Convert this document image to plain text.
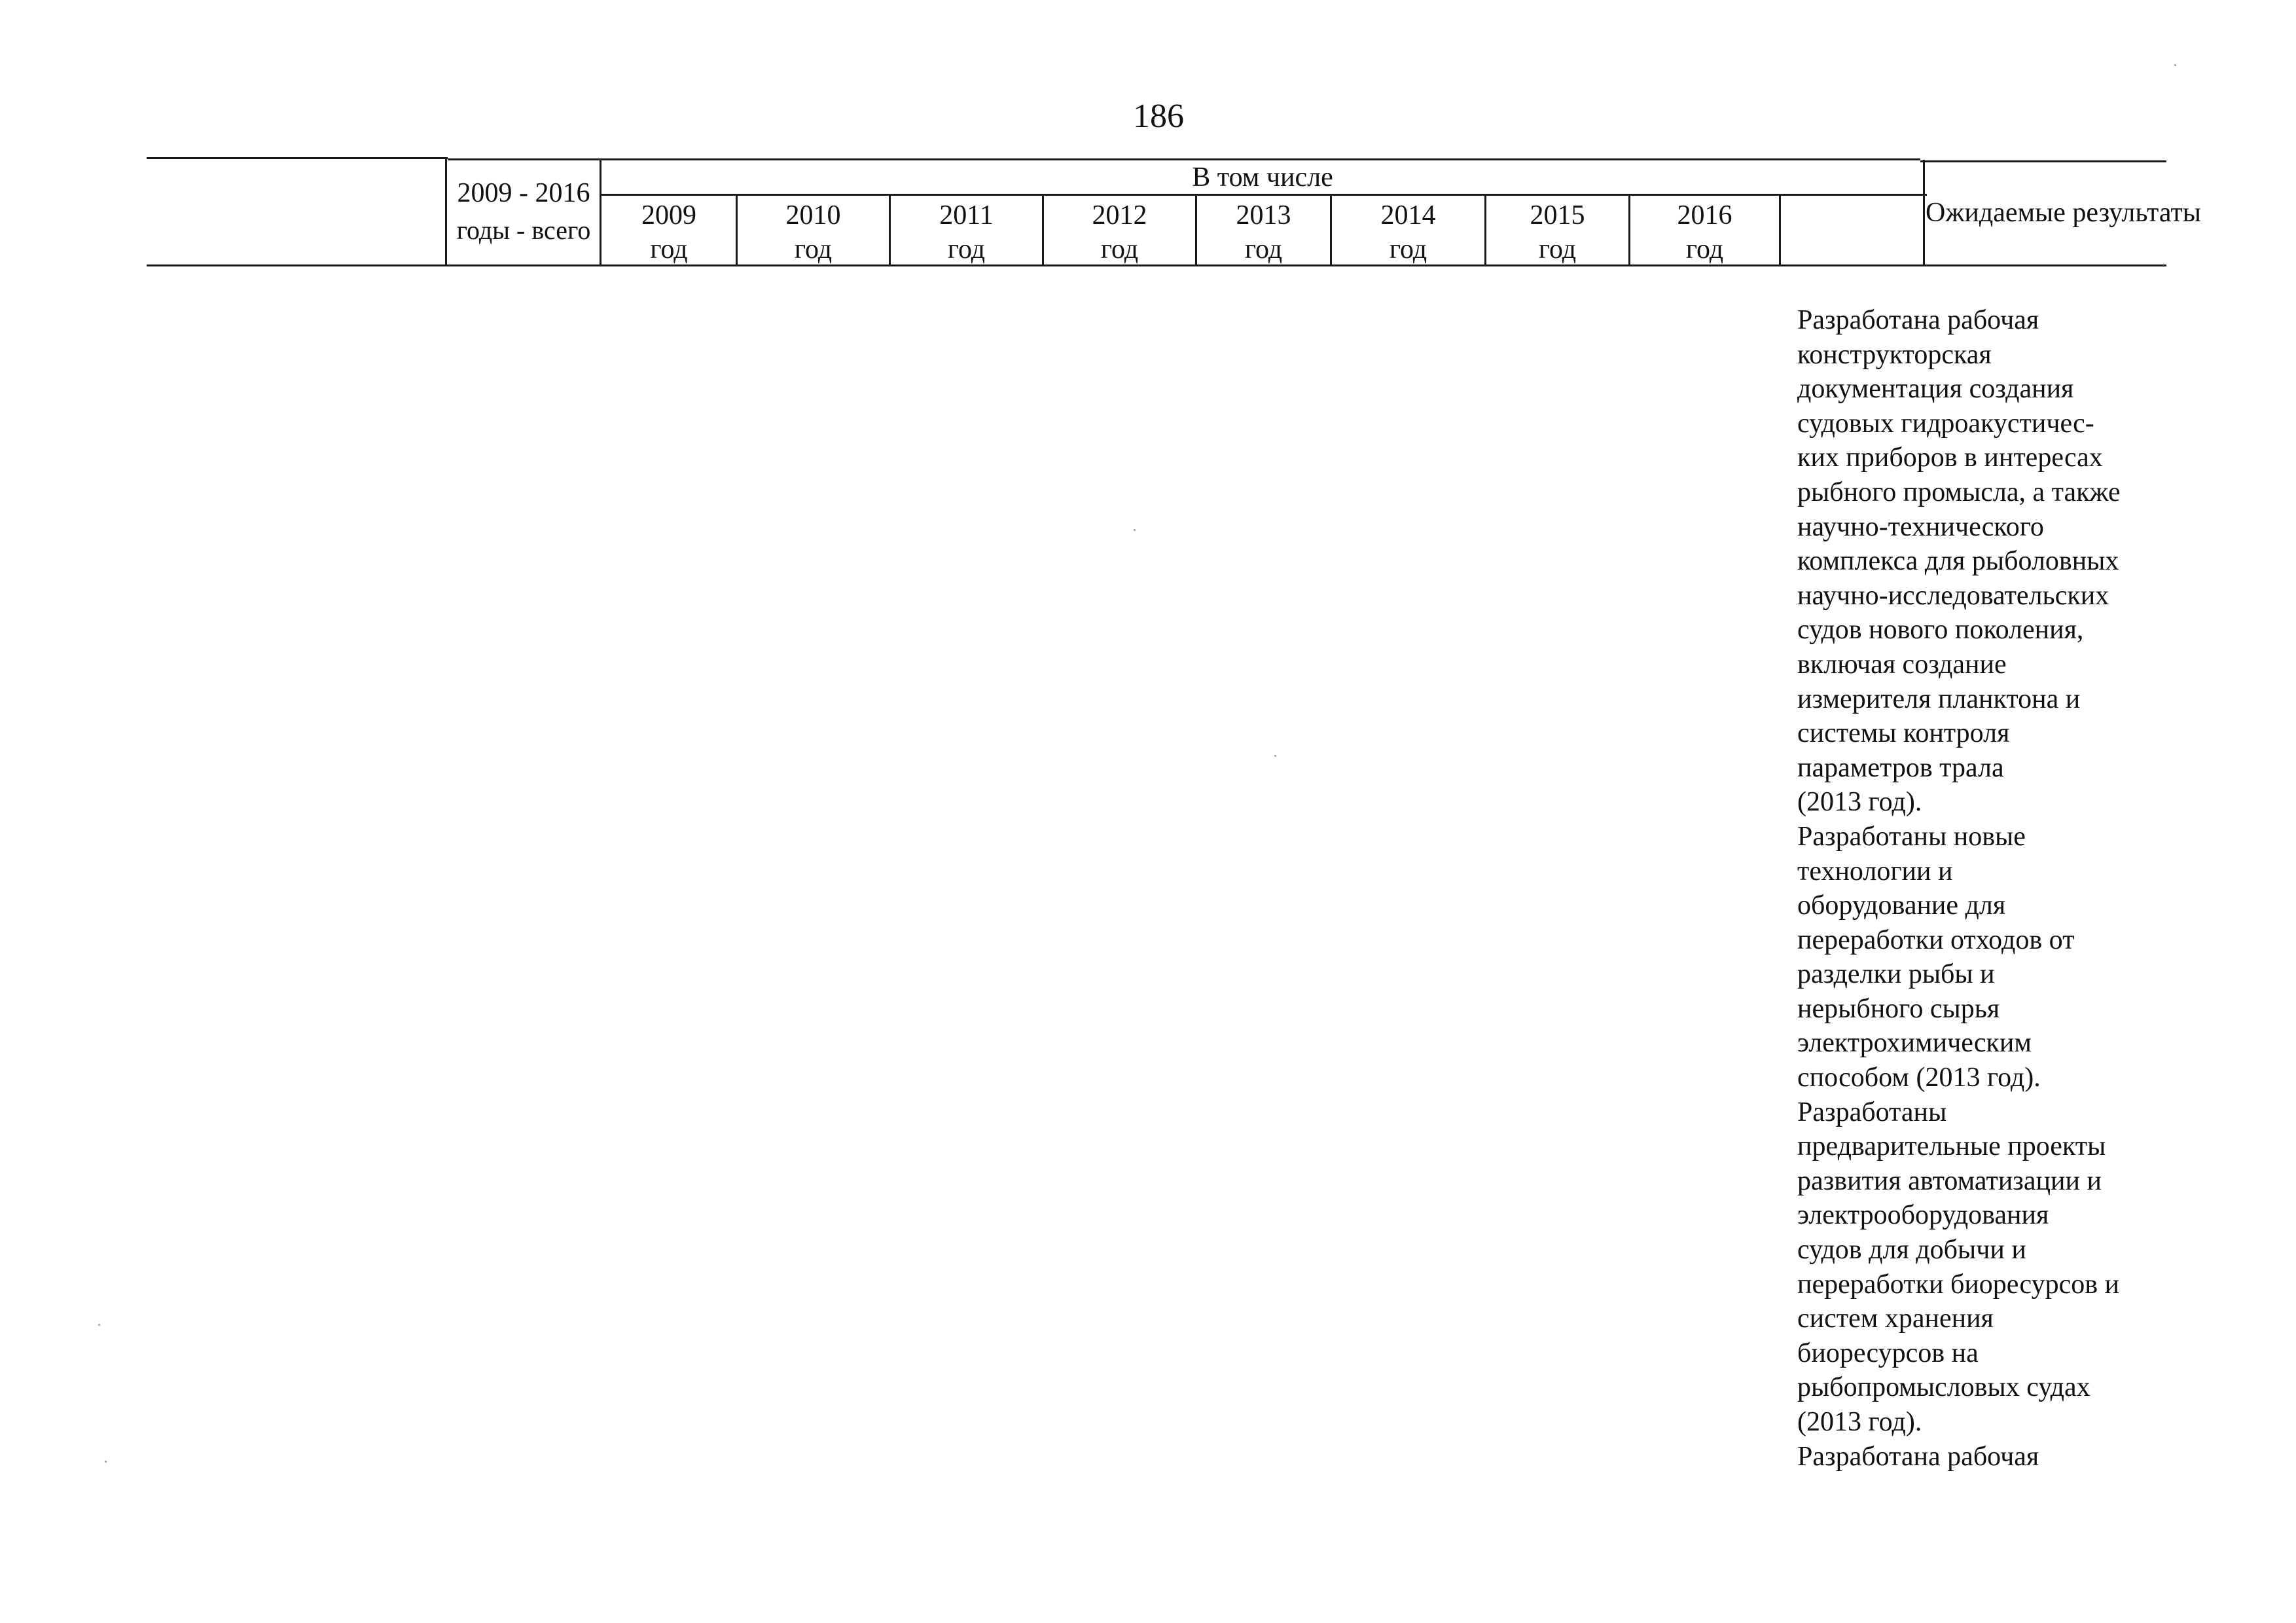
186
2009 - 2016
годы - всего
В том числе
2009
год
2010
год
2011
год
2012
год
2013
год
2014
год
2015
год
2016
год
Ожидаемые результаты
Разработана рабочая
конструкторская
документация создания
судовых гидроакустичес-
ких приборов в интересах
рыбного промысла, а также
научно-технического
комплекса для рыболовных
научно-исследовательских
судов нового поколения,
включая создание
измерителя планктона и
системы контроля
параметров трала
(2013 год).
Разработаны новые
технологии и
оборудование для
переработки отходов от
разделки рыбы и
нерыбного сырья
электрохимическим
способом (2013 год).
Разработаны
предварительные проекты
развития автоматизации и
электрооборудования
судов для добычи и
переработки биоресурсов и
систем хранения
биоресурсов на
рыбопромысловых судах
(2013 год).
Разработана рабочая
